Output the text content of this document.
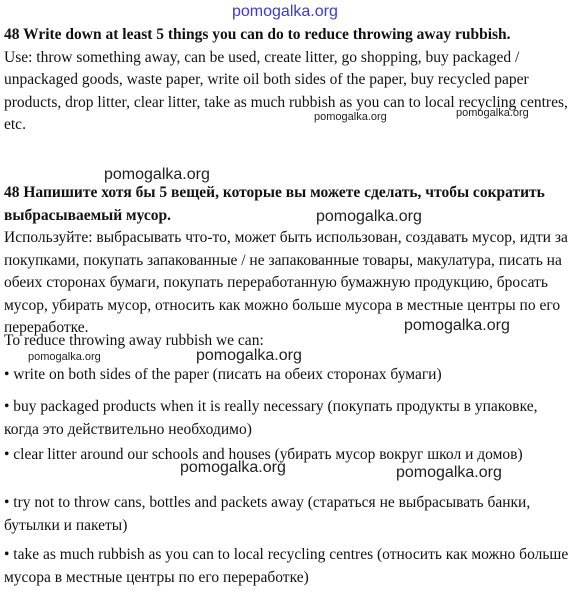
pomogalka.org
pomogalka.org	pomogalka.org
pomogalka.org
pomogalka.org
pomogalka.org
pomogalka.org	pomogalka.org
pomogalka.org	pomogalka.org

48 Write down at least 5 things you can do to reduce throwing away rubbish.

Use: throw something away, can be used, create litter, go shopping, buy packaged / unpackaged goods, waste paper, write oil both sides of the paper, buy recycled paper products, drop litter, clear litter, take as much rubbish as you can to local recycling centres, etc.

48 Напишите хотя бы 5 вещей, которые вы можете сделать, чтобы сократить выбрасываемый мусор.

Используйте: выбрасывать что-то, может быть использован, создавать мусор, идти за покупками, покупать запакованные / не запакованные товары, макулатура, писать на обеих сторонах бумаги, покупать переработанную бумажную продукцию, бросать мусор, убирать мусор, относить как можно больше мусора в местные центры по его переработке.

To reduce throwing away rubbish we can:

• write on both sides of the paper (писать на обеих сторонах бумаги)

• buy packaged products when it is really necessary (покупать продукты в упаковке, когда это действительно необходимо)

• clear litter around our schools and houses (убирать мусор вокруг школ и домов)

• try not to throw cans, bottles and packets away (стараться не выбрасывать банки, бутылки и пакеты)

• take as much rubbish as you can to local recycling centres (относить как можно больше мусора в местные центры по его переработке)
